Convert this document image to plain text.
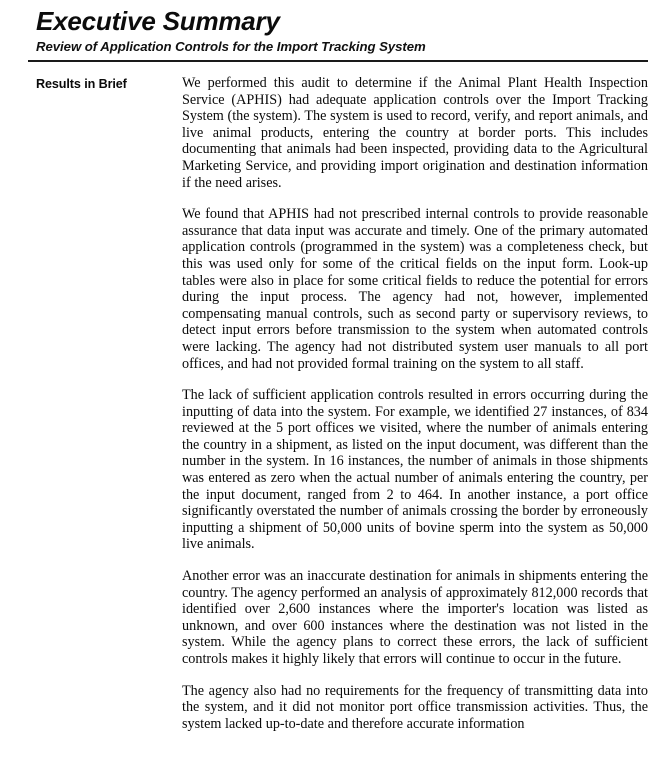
Executive Summary
Review of Application Controls for the Import Tracking System
Results in Brief	We performed this audit to determine if the Animal Plant Health Inspection Service (APHIS) had adequate application controls over the Import Tracking System (the system). The system is used to record, verify, and report animals, and live animal products, entering the country at border ports. This includes documenting that animals had been inspected, providing data to the Agricultural Marketing Service, and providing import origination and destination information if the need arises.

We found that APHIS had not prescribed internal controls to provide reasonable assurance that data input was accurate and timely. One of the primary automated application controls (programmed in the system) was a completeness check, but this was used only for some of the critical fields on the input form. Look-up tables were also in place for some critical fields to reduce the potential for errors during the input process. The agency had not, however, implemented compensating manual controls, such as second party or supervisory reviews, to detect input errors before transmission to the system when automated controls were lacking. The agency had not distributed system user manuals to all port offices, and had not provided formal training on the system to all staff.

The lack of sufficient application controls resulted in errors occurring during the inputting of data into the system. For example, we identified 27 instances, of 834 reviewed at the 5 port offices we visited, where the number of animals entering the country in a shipment, as listed on the input document, was different than the number in the system. In 16 instances, the number of animals in those shipments was entered as zero when the actual number of animals entering the country, per the input document, ranged from 2 to 464. In another instance, a port office significantly overstated the number of animals crossing the border by erroneously inputting a shipment of 50,000 units of bovine sperm into the system as 50,000 live animals.

Another error was an inaccurate destination for animals in shipments entering the country. The agency performed an analysis of approximately 812,000 records that identified over 2,600 instances where the importer's location was listed as unknown, and over 600 instances where the destination was not listed in the system. While the agency plans to correct these errors, the lack of sufficient controls makes it highly likely that errors will continue to occur in the future.

The agency also had no requirements for the frequency of transmitting data into the system, and it did not monitor port office transmission activities. Thus, the system lacked up-to-date and therefore accurate information
